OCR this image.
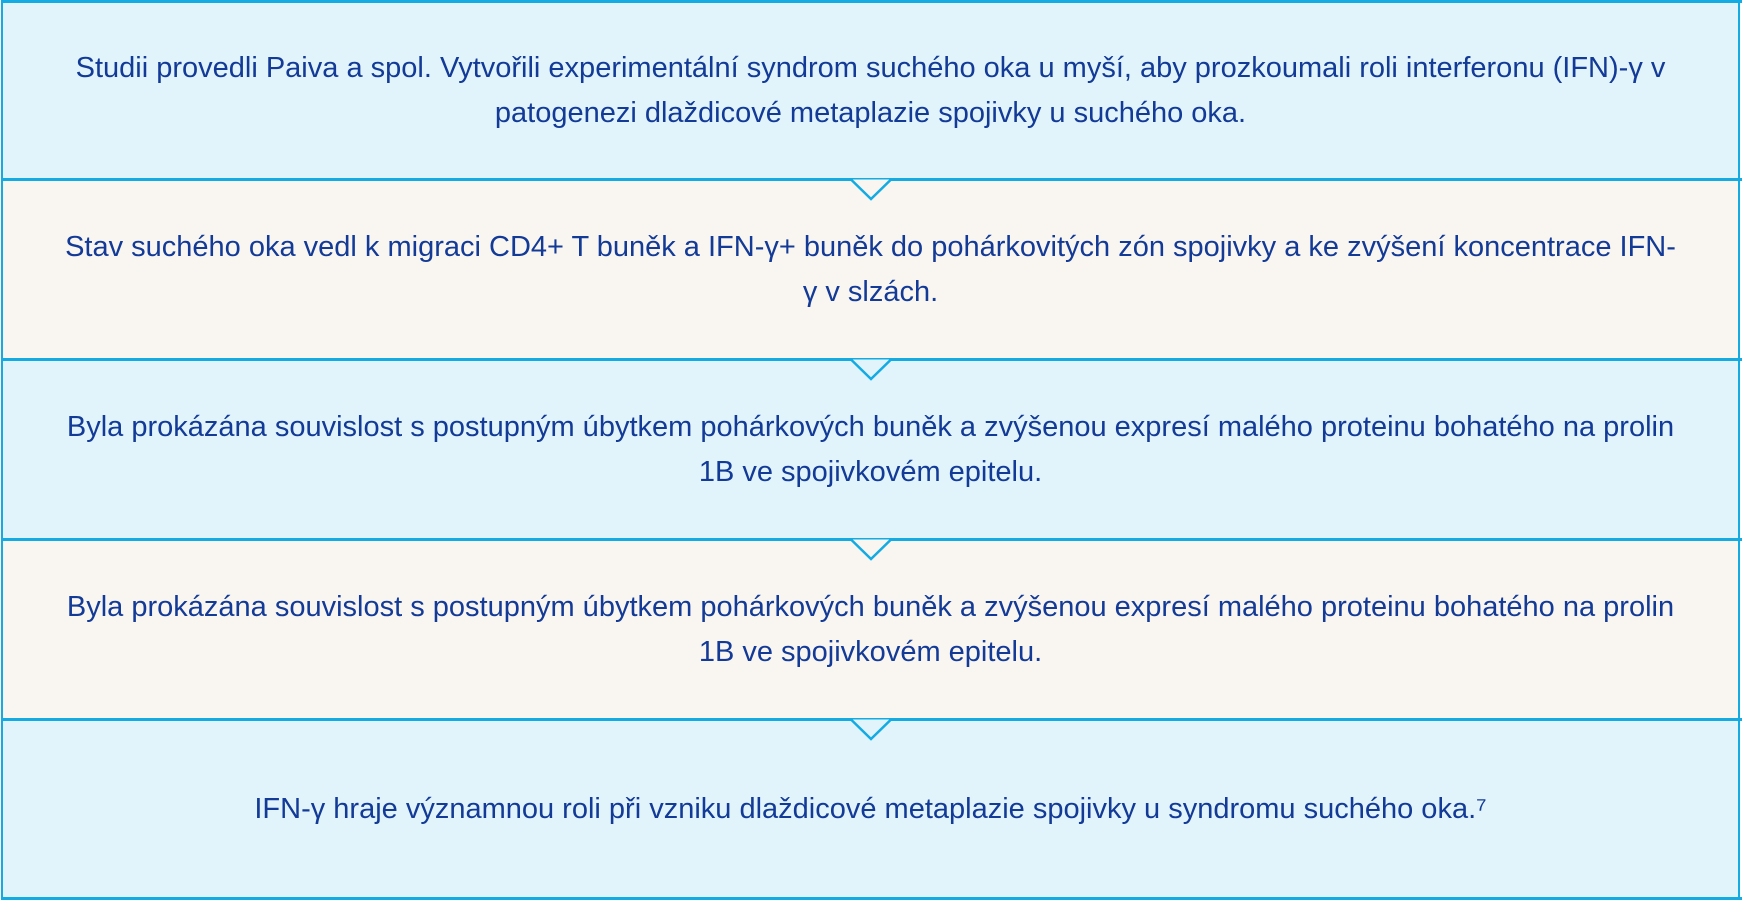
Studii provedli Paiva a spol. Vytvořili experimentální syndrom suchého oka u myší, aby prozkoumali roli interferonu (IFN)-γ v patogenezi dlaždicové metaplazie spojivky u suchého oka.
Stav suchého oka vedl k migraci CD4+ T buněk a IFN-γ+ buněk do pohárkovitých zón spojivky a ke zvýšení koncentrace IFN-γ v slzách.
Byla prokázána souvislost s postupným úbytkem pohárkových buněk a zvýšenou expresí malého proteinu bohatého na prolin 1B ve spojivkovém epitelu.
Byla prokázána souvislost s postupným úbytkem pohárkových buněk a zvýšenou expresí malého proteinu bohatého na prolin 1B ve spojivkovém epitelu.
IFN-γ hraje významnou roli při vzniku dlaždicové metaplazie spojivky u syndromu suchého oka.⁷
